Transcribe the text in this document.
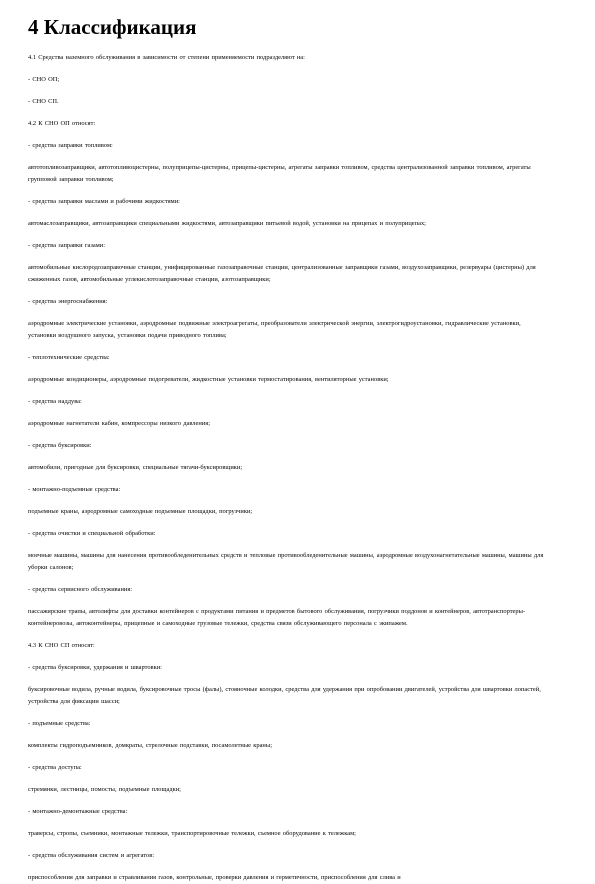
4 Классификация

4.1 Средства наземного обслуживания в зависимости от степени применяемости подразделяют на:

- СНО ОП;

- СНО СП.

4.2 К СНО ОП относят:

- средства заправки топливом:

автотопливозаправщики, автотопливоцистерны, полуприцепы-цистерны, прицепы-цистерны, агрегаты заправки топливом, средства централизованной заправки топливом, агрегаты групповой заправки топливом;

- средства заправки маслами и рабочими жидкостями:

автомаслозаправщики, автозаправщики специальными жидкостями, автозаправщики питьевой водой, установки на прицепах и полуприцепах;

- средства заправки газами:

автомобильные кислородозаправочные станции, унифицированные газозаправочные станции, централизованные заправщики газами, воздухозаправщики, резервуары (цистерны) для сжиженных газов, автомобильные углекислотозаправочные станции, азотозаправщики;

- средства энергоснабжения:

аэродромные электрические установки, аэродромные подвижные электроагрегаты, преобразователи электрической энергии, электрогидроустановки, гидравлические установки, установки воздушного запуска, установки подачи приводного топлива;

- теплотехнические средства:

аэродромные кондиционеры, аэродромные подогреватели, жидкостные установки термостатирования, вентиляторные установки;

- средства наддува:

аэродромные нагнетатели кабин, компрессоры низкого давления;

- средства буксировки:

автомобили, пригодные для буксировки, специальные тягачи-буксировщики;

- монтажно-подъемные средства:

подъемные краны, аэродромные самоходные подъемные площадки, погрузчики;

- средства очистки и специальной обработки:

моечные машины, машины для нанесения противообледенительных средств и тепловые противообледенительные машины, аэродромные воздухонагнетательные машины, машины для уборки салонов;

- средства сервисного обслуживания:

пассажирские трапы, автолифты для доставки контейнеров с продуктами питания и предметов бытового обслуживания, погрузчики поддонов и контейнеров, автотранспортеры-контейнеровозы, автоконтейнеры, прицепные и самоходные грузовые тележки, средства связи обслуживающего персонала с экипажем.

4.3 К СНО СП относят:

- средства буксировки, удержания и швартовки:

буксировочные водила, ручные водила, буксировочные тросы (фалы), стояночные колодки, средства для удержания при опробовании двигателей, устройства для швартовки лопастей, устройства для фиксации шасси;

- подъемные средства:

комплекты гидроподъемников, домкраты, стрелочные подставки, посамолетные краны;

- средства доступа:

стремянки, лестницы, помосты, подъемные площадки;

- монтажно-демонтажные средства:

траверсы, стропы, съемники, монтажные тележки, транспортировочные тележки, съемное оборудование к тележкам;

- средства обслуживания систем и агрегатов:

приспособления для заправки и стравливания газов, контрольные, проверки давления и герметичности, приспособления для слива и
